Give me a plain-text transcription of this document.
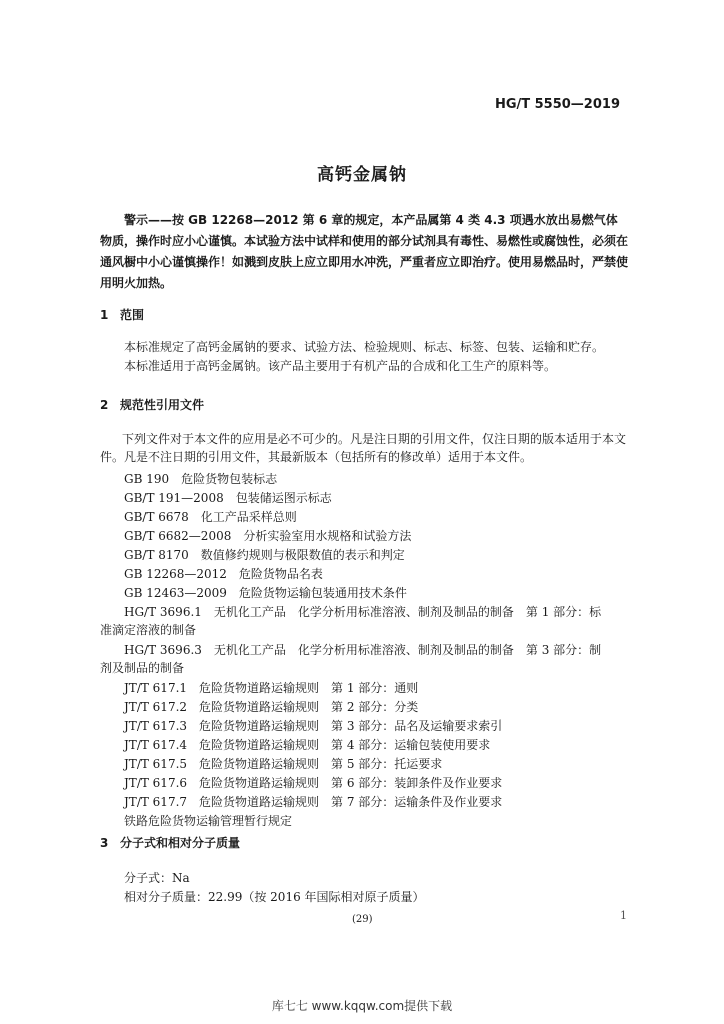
HG/T 5550—2019
高钙金属钠
警示——按 GB 12268—2012 第 6 章的规定，本产品属第 4 类 4.3 项遇水放出易燃气体物质，操作时应小心谨慎。本试验方法中试样和使用的部分试剂具有毒性、易燃性或腐蚀性，必须在通风橱中小心谨慎操作！如溅到皮肤上应立即用水冲洗，严重者应立即治疗。使用易燃品时，严禁使用明火加热。
1 范围
本标准规定了高钙金属钠的要求、试验方法、检验规则、标志、标签、包装、运输和贮存。
本标准适用于高钙金属钠。该产品主要用于有机产品的合成和化工生产的原料等。
2 规范性引用文件
下列文件对于本文件的应用是必不可少的。凡是注日期的引用文件，仅注日期的版本适用于本文件。凡是不注日期的引用文件，其最新版本（包括所有的修改单）适用于本文件。
GB 190　危险货物包装标志
GB/T 191—2008　包装储运图示标志
GB/T 6678　化工产品采样总则
GB/T 6682—2008　分析实验室用水规格和试验方法
GB/T 8170　数值修约规则与极限数值的表示和判定
GB 12268—2012　危险货物品名表
GB 12463—2009　危险货物运输包装通用技术条件
HG/T 3696.1　无机化工产品　化学分析用标准溶液、制剂及制品的制备　第 1 部分：标准滴定溶液的制备
HG/T 3696.3　无机化工产品　化学分析用标准溶液、制剂及制品的制备　第 3 部分：制剂及制品的制备
JT/T 617.1　危险货物道路运输规则　第 1 部分：通则
JT/T 617.2　危险货物道路运输规则　第 2 部分：分类
JT/T 617.3　危险货物道路运输规则　第 3 部分：品名及运输要求索引
JT/T 617.4　危险货物道路运输规则　第 4 部分：运输包装使用要求
JT/T 617.5　危险货物道路运输规则　第 5 部分：托运要求
JT/T 617.6　危险货物道路运输规则　第 6 部分：装卸条件及作业要求
JT/T 617.7　危险货物道路运输规则　第 7 部分：运输条件及作业要求
铁路危险货物运输管理暂行规定
3 分子式和相对分子质量
分子式：Na
相对分子质量：22.99（按 2016 年国际相对原子质量）
(29)	1
库七七 www.kqqw.com提供下载
